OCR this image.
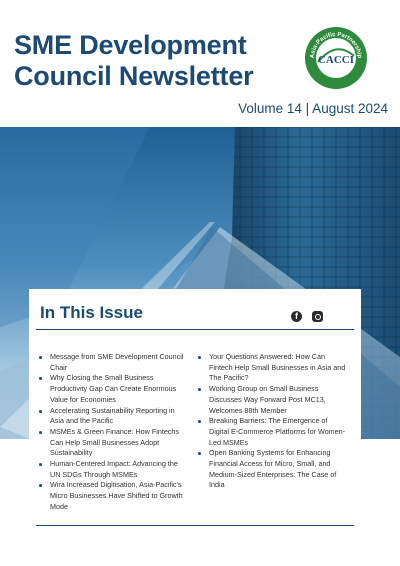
SME Development
Council Newsletter
Volume 14 | August 2024
Asia-Pacific Partnership
Since 1966
CACCI
In This Issue	f
Message from SME Development Council Chair
Why Closing the Small Business Productivity Gap Can Create Enormous Value for Economies
Accelerating Sustainability Reporting in Asia and the Pacific
MSMEs & Green Finance: How Fintechs Can Help Small Businesses Adopt Sustainability
Human-Centered Impact: Advancing the UN SDGs Through MSMEs
Wira Increased Digitisation, Asia-Pacific's Micro Businesses Have Shifted to Growth Mode
Your Questions Answered: How Can Fintech Help Small Businesses in Asia and The Pacific?
Working Group on Small Business Discusses Way Forward Post MC13, Welcomes 88th Member
Breaking Barriers: The Emergence of Digital E-Commerce Platforms for Women-Led MSMEs
Open Banking Systems for Enhancing Financial Access for Micro, Small, and Medium-Sized Enterprises: The Case of India
